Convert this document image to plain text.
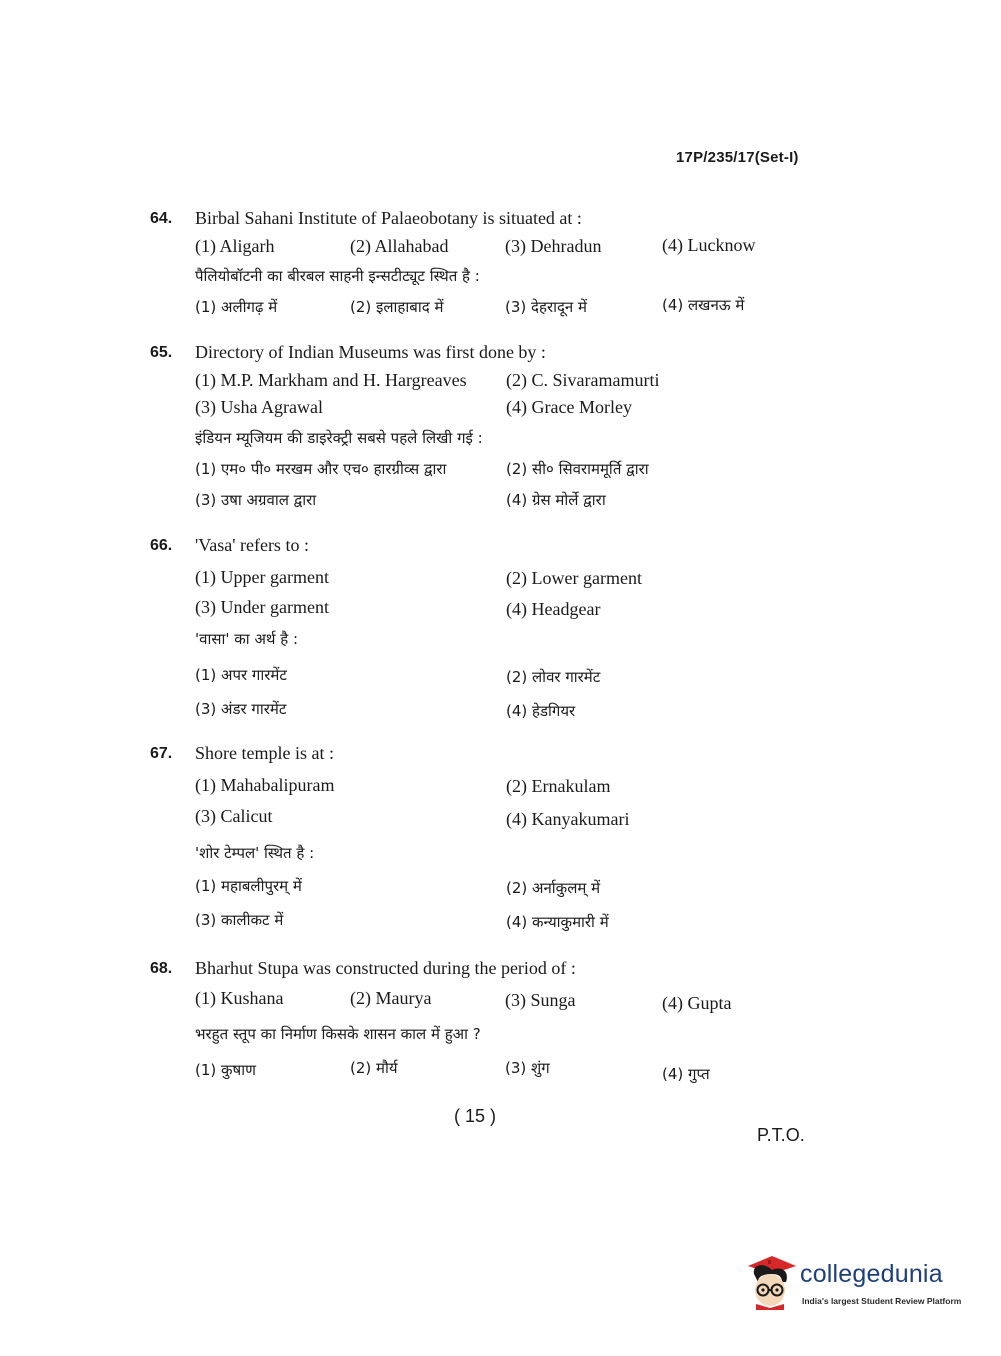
17P/235/17(Set-I)
64. Birbal Sahani Institute of Palaeobotany is situated at :
(1) Aligarh	(2) Allahabad	(3) Dehradun	(4) Lucknow
पैलियोबॉटनी का बीरबल साहनी इन्सटीट्यूट स्थित है :
(1) अलीगढ़ में	(2) इलाहाबाद में	(3) देहरादून में	(4) लखनऊ में
65. Directory of Indian Museums was first done by :
(1) M.P. Markham and H. Hargreaves (2) C. Sivaramamurti
(3) Usha Agrawal	(4) Grace Morley
इंडियन म्यूजियम की डाइरेक्ट्री सबसे पहले लिखी गई :
(1) एम० पी० मरखम और एच० हारग्रीव्स द्वारा	(2) सी० सिवराममूर्ति द्वारा
(3) उषा अग्रवाल द्वारा	(4) ग्रेस मोर्ले द्वारा
66. 'Vasa' refers to :
(1) Upper garment	(2) Lower garment
(3) Under garment	(4) Headgear
'वासा' का अर्थ है :
(1) अपर गारमेंट	(2) लोवर गारमेंट
(3) अंडर गारमेंट	(4) हेडगियर
67. Shore temple is at :
(1) Mahabalipuram	(2) Ernakulam
(3) Calicut	(4) Kanyakumari
'शोर टेम्पल' स्थित है :
(1) महाबलीपुरम् में	(2) अर्नाकुलम् में
(3) कालीकट में	(4) कन्याकुमारी में
68. Bharhut Stupa was constructed during the period of :
(1) Kushana	(2) Maurya	(3) Sunga	(4) Gupta
भरहुत स्तूप का निर्माण किसके शासन काल में हुआ ?
(1) कुषाण	(2) मौर्य	(3) शुंग	(4) गुप्त
( 15 )
P.T.O.
collegedunia
India's largest Student Review Platform
